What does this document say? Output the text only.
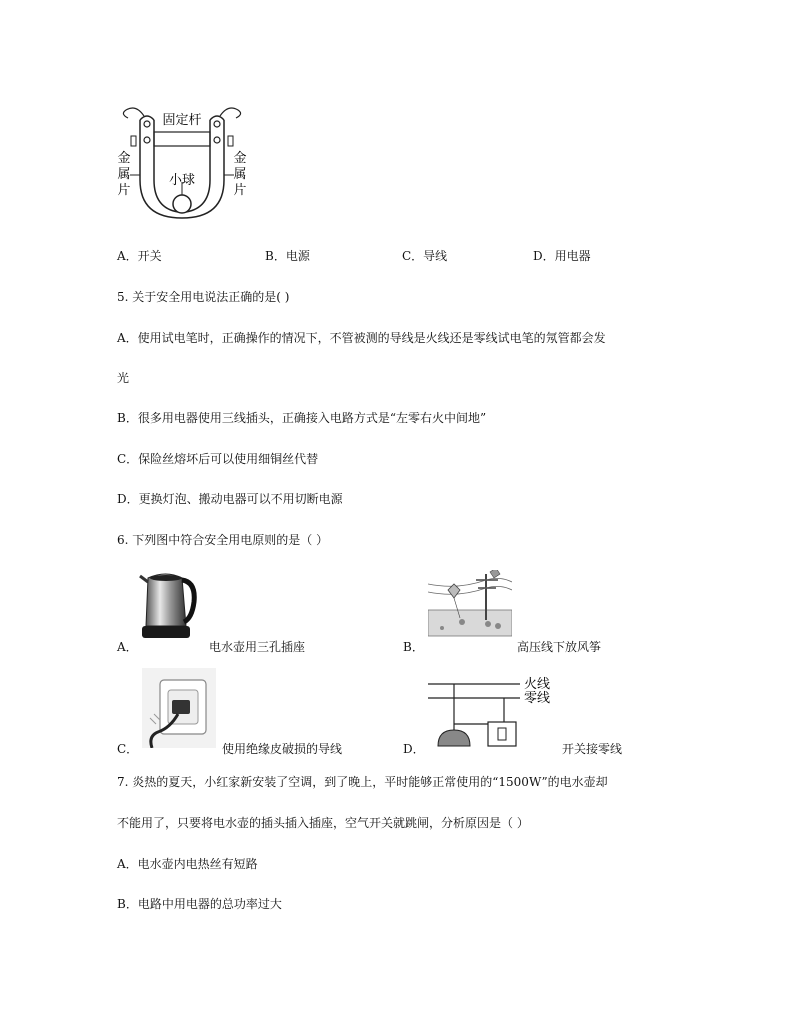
固定杆
小球
金
属
片
金
属
片
A．开关	B．电源	C．导线	D．用电器
5. 关于安全用电说法正确的是( )
A．使用试电笔时，正确操作的情况下，不管被测的导线是火线还是零线试电笔的氖管都会发
光
B．很多用电器使用三线插头，正确接入电路方式是“左零右火中间地”
C．保险丝熔坏后可以使用细铜丝代替
D．更换灯泡、搬动电器可以不用切断电源
6. 下列图中符合安全用电原则的是（ ）
A．	电水壶用三孔插座	B．	高压线下放风筝
C．	使用绝缘皮破损的导线
火线
零线
D．	开关接零线
7. 炎热的夏天，小红家新安装了空调，到了晚上，平时能够正常使用的“1500W”的电水壶却
不能用了，只要将电水壶的插头插入插座，空气开关就跳闸，分析原因是（ ）
A．电水壶内电热丝有短路
B．电路中用电器的总功率过大
